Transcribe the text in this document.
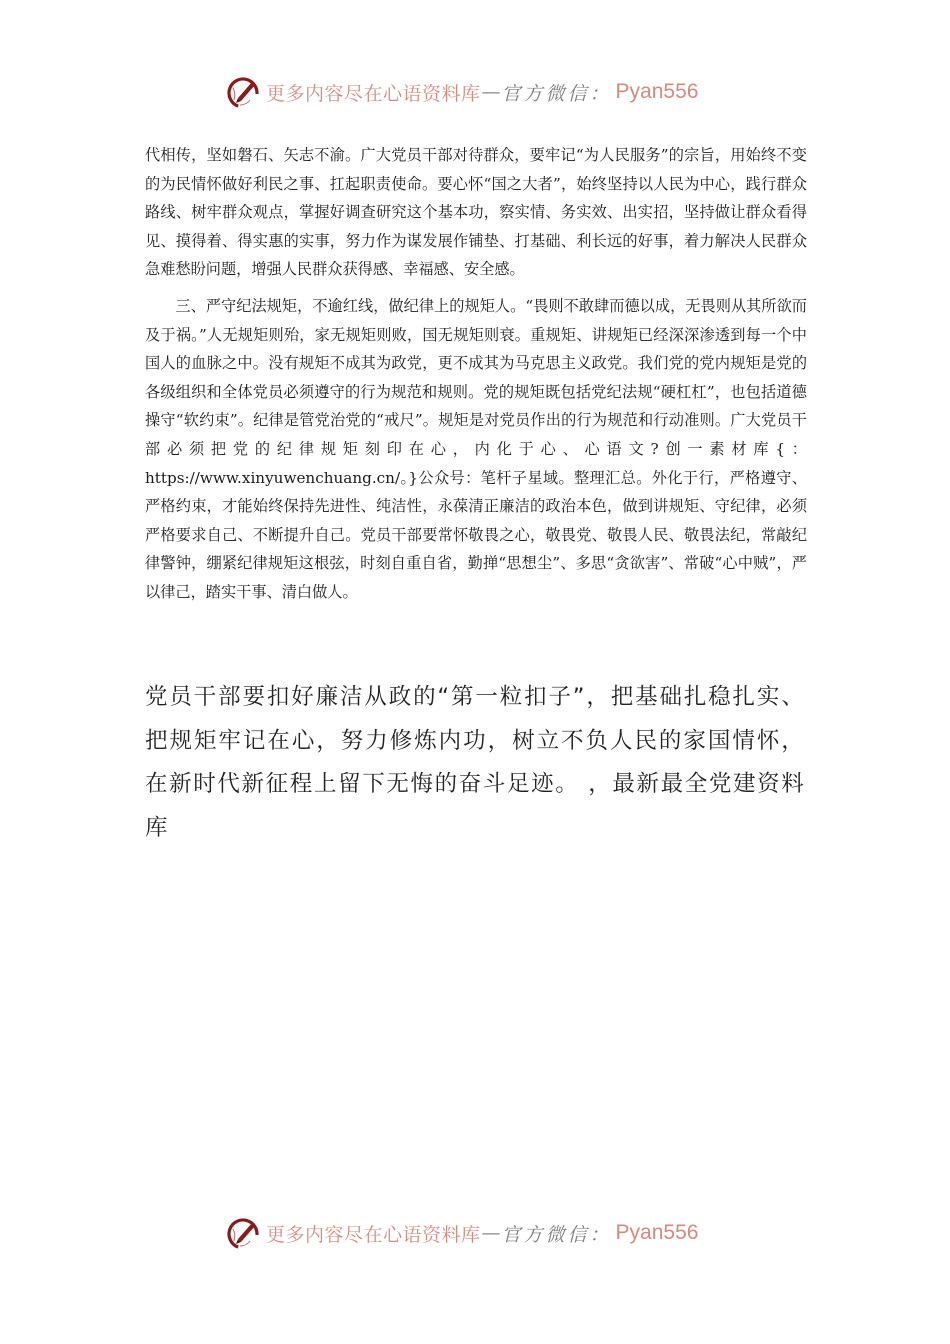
更多内容尽在心语资料库 — 官方微信： Pyan556

代相传，坚如磐石、矢志不渝。广大党员干部对待群众，要牢记“为人民服务”的宗旨，用始终不变的为民情怀做好利民之事、扛起职责使命。要心怀“国之大者”，始终坚持以人民为中心，践行群众路线、树牢群众观点，掌握好调查研究这个基本功，察实情、务实效、出实招，坚持做让群众看得见、摸得着、得实惠的实事，努力作为谋发展作铺垫、打基础、利长远的好事，着力解决人民群众急难愁盼问题，增强人民群众获得感、幸福感、安全感。

三、严守纪法规矩，不逾红线，做纪律上的规矩人。“畏则不敢肆而德以成，无畏则从其所欲而及于祸。”人无规矩则殆，家无规矩则败，国无规矩则衰。重规矩、讲规矩已经深深渗透到每一个中国人的血脉之中。没有规矩不成其为政党，更不成其为马克思主义政党。我们党的党内规矩是党的各级组织和全体党员必须遵守的行为规范和规则。党的规矩既包括党纪法规“硬杠杠”，也包括道德操守“软约束”。纪律是管党治党的“戒尺”。规矩是对党员作出的行为规范和行动准则。广大党员干部必须把党的纪律规矩刻印在心，内化于心、心语文?创一素材库{：https://www.xinyuwenchuang.cn/。}公众号：笔杆子星域。整理汇总。外化于行，严格遵守、严格约束，才能始终保持先进性、纯洁性，永葆清正廉洁的政治本色，做到讲规矩、守纪律，必须严格要求自己、不断提升自己。党员干部要常怀敬畏之心，敬畏党、敬畏人民、敬畏法纪，常敲纪律警钟，绷紧纪律规矩这根弦，时刻自重自省，勤掸“思想尘”、多思“贪欲害”、常破“心中贼”，严以律己，踏实干事、清白做人。

党员干部要扣好廉洁从政的“第一粒扣子”，把基础扎稳扎实、把规矩牢记在心，努力修炼内功，树立不负人民的家国情怀，在新时代新征程上留下无悔的奋斗足迹。 ，最新最全党建资料库

更多内容尽在心语资料库 — 官方微信： Pyan556
